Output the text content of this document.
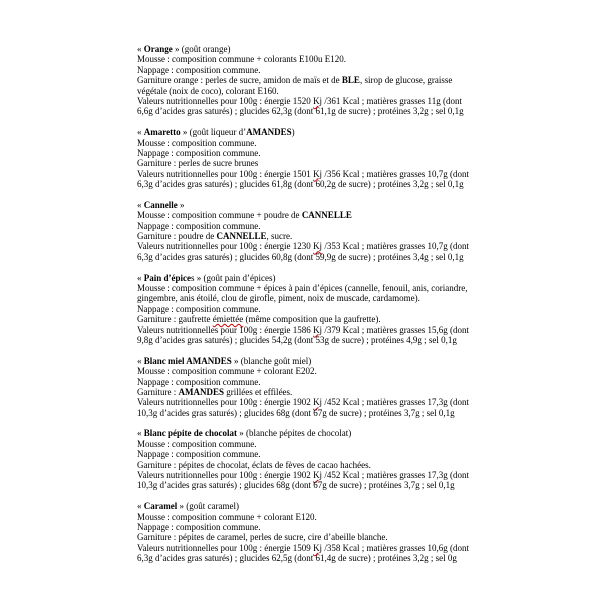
« Orange » (goût orange)
Mousse : composition commune + colorants E100u E120.
Nappage : composition commune.
Garniture orange : perles de sucre, amidon de maïs et de BLE, sirop de glucose, graisse
végétale (noix de coco), colorant E160.
Valeurs nutritionnelles pour 100g : énergie 1520 Kj /361 Kcal ; matières grasses 11g (dont
6,6g d’acides gras saturés) ; glucides 62,3g (dont 61,1g de sucre) ; protéines 3,2g ; sel 0,1g
« Amaretto » (goût liqueur d’AMANDES)
Mousse : composition commune.
Nappage : composition commune.
Garniture : perles de sucre brunes
Valeurs nutritionnelles pour 100g : énergie 1501 Kj /356 Kcal ; matières grasses 10,7g (dont
6,3g d’acides gras saturés) ; glucides 61,8g (dont 60,2g de sucre) ; protéines 3,2g ; sel 0,1g
« Cannelle »
Mousse : composition commune + poudre de CANNELLE
Nappage : composition commune.
Garniture : poudre de CANNELLE, sucre.
Valeurs nutritionnelles pour 100g : énergie 1230 Kj /353 Kcal ; matières grasses 10,7g (dont
6,3g d’acides gras saturés) ; glucides 60,8g (dont 59,9g de sucre) ; protéines 3,4g ; sel 0,1g
« Pain d’épices » (goût pain d’épices)
Mousse : composition commune + épices à pain d’épices (cannelle, fenouil, anis, coriandre,
gingembre, anis étoilé, clou de girofle, piment, noix de muscade, cardamome).
Nappage : composition commune.
Garniture : gaufrette émiettée (même composition que la gaufrette).
Valeurs nutritionnelles pour 100g : énergie 1586 Kj /379 Kcal ; matières grasses 15,6g (dont
9,8g d’acides gras saturés) ; glucides 54,2g (dont 53g de sucre) ; protéines 4,9g ; sel 0,1g
« Blanc miel AMANDES » (blanche goût miel)
Mousse : composition commune + colorant E202.
Nappage : composition commune.
Garniture : AMANDES grillées et effilées.
Valeurs nutritionnelles pour 100g : énergie 1902 Kj /452 Kcal ; matières grasses 17,3g (dont
10,3g d’acides gras saturés) ; glucides 68g (dont 67g de sucre) ; protéines 3,7g ; sel 0,1g
« Blanc pépite de chocolat » (blanche pépites de chocolat)
Mousse : composition commune.
Nappage : composition commune.
Garniture : pépites de chocolat, éclats de fèves de cacao hachées.
Valeurs nutritionnelles pour 100g : énergie 1902 Kj /452 Kcal ; matières grasses 17,3g (dont
10,3g d’acides gras saturés) ; glucides 68g (dont 67g de sucre) ; protéines 3,7g ; sel 0,1g
« Caramel » (goût caramel)
Mousse : composition commune + colorant E120.
Nappage : composition commune.
Garniture : pépites de caramel, perles de sucre, cire d’abeille blanche.
Valeurs nutritionnelles pour 100g : énergie 1509 Kj /358 Kcal ; matières grasses 10,6g (dont
6,3g d’acides gras saturés) ; glucides 62,5g (dont 61,4g de sucre) ; protéines 3,2g ; sel 0g
